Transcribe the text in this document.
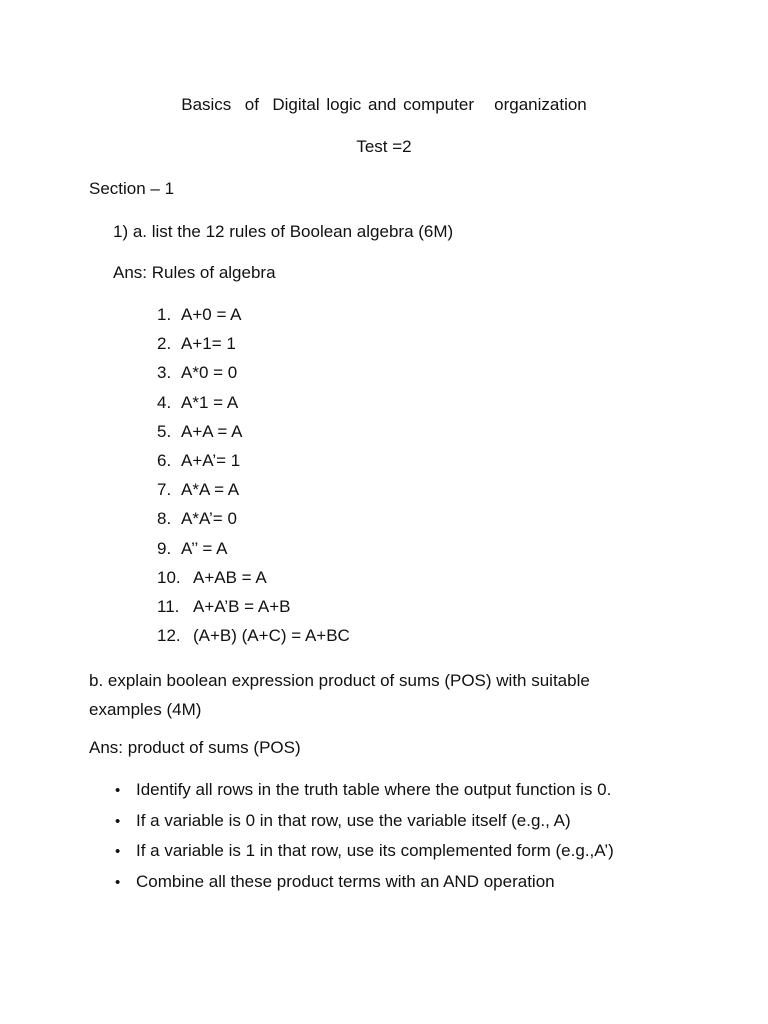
Basics  of  Digital logic and computer   organization
Test =2
Section – 1
1) a. list the 12 rules of Boolean algebra (6M)
Ans: Rules of algebra
1. A+0 = A
2. A+1= 1
3. A*0 = 0
4. A*1 = A
5. A+A = A
6. A+A’= 1
7. A*A = A
8. A*A’= 0
9. A’’ = A
10. A+AB = A
11. A+A’B = A+B
12. (A+B) (A+C) = A+BC
b. explain boolean expression product of sums (POS) with suitable examples (4M)
Ans: product of sums (POS)
• Identify all rows in the truth table where the output function is 0.
• If a variable is 0 in that row, use the variable itself (e.g., A)
• If a variable is 1 in that row, use its complemented form (e.g.,A’)
• Combine all these product terms with an AND operation
